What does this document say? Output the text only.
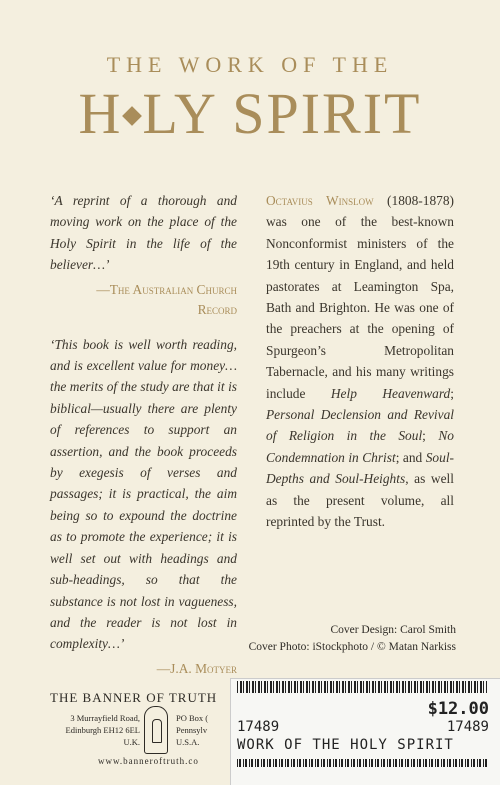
THE WORK OF THE
H LY SPIRIT

‘A reprint of a thorough and moving work on the place of the Holy Spirit in the life of the believer…’

—The Australian Church
Record

‘This book is well worth reading, and is excellent value for money… the merits of the study are that it is biblical—usually there are plenty of references to support an assertion, and the book proceeds by exegesis of verses and passages; it is practical, the aim being so to expound the doctrine as to promote the experience; it is well set out with headings and sub-headings, so that the substance is not lost in vagueness, and the reader is not lost in complexity…’

—J.A. Motyer
Octavius Winslow (1808-1878) was one of the best-known Nonconformist ministers of the 19th century in England, and held pastorates at Leamington Spa, Bath and Brighton. He was one of the preachers at the opening of Spurgeon’s Metropolitan Tabernacle, and his many writings include Help Heavenward; Personal Declension and Revival of Religion in the Soul; No Condemnation in Christ; and Soul-Depths and Soul-Heights, as well as the present volume, all reprinted by the Trust.
Cover Design: Carol Smith
Cover Photo: iStockphoto / © Matan Narkiss
THE BANNER OF TRUTH
3 Murrayfield Road,
Edinburgh EH12 6EL
U.K.
PO Box (
Pennsylv
U.S.A.
www.banneroftruth.co
$12.00
17489	17489
WORK OF THE HOLY SPIRIT
